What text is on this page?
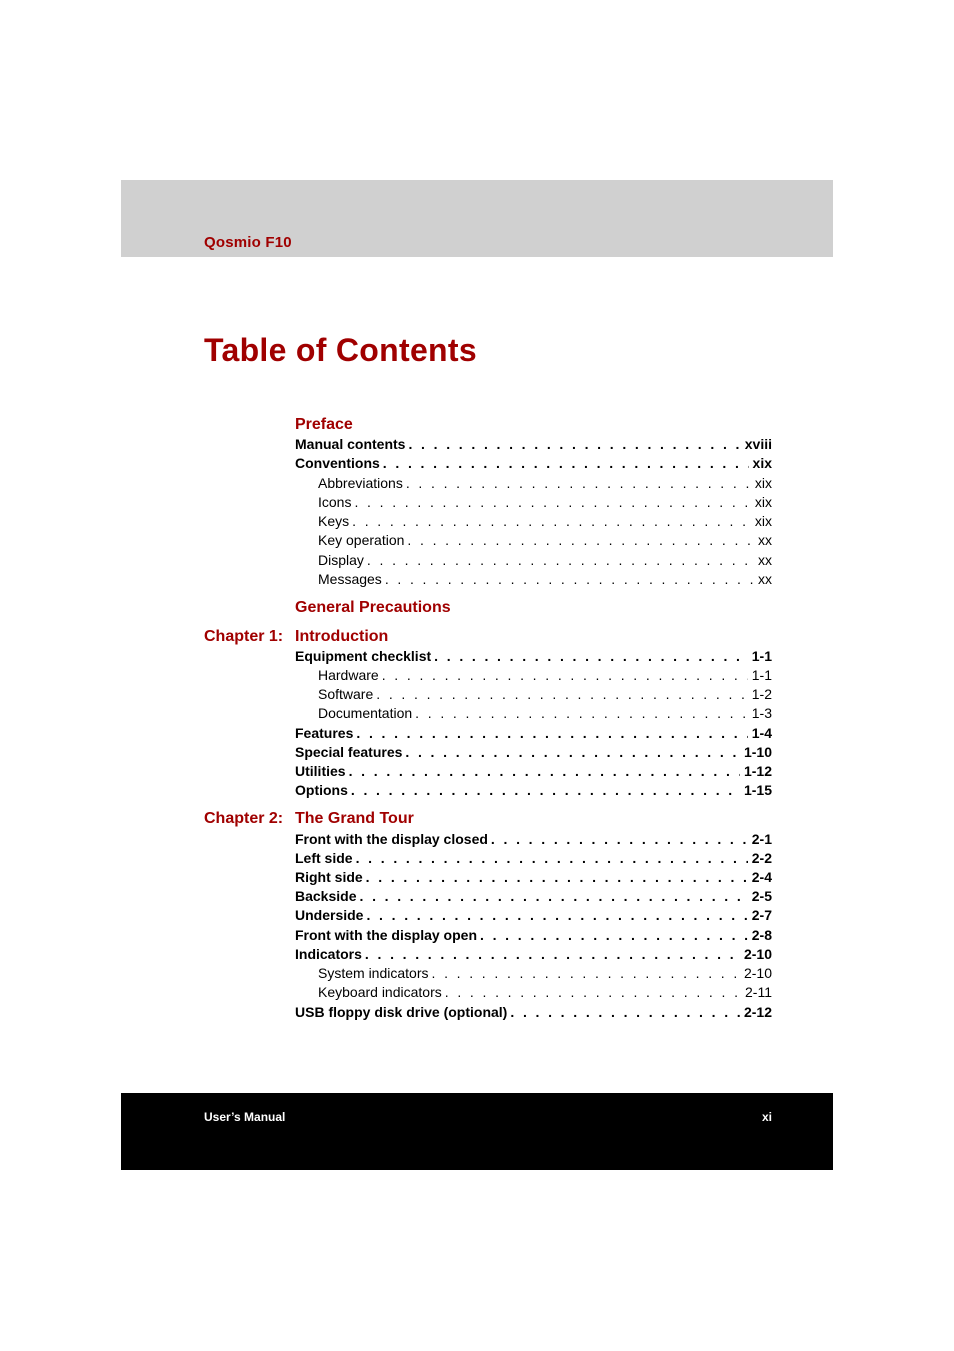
Qosmio F10
Table of Contents
Preface
Manual contents . . .	xviii
Conventions . . .	xix
Abbreviations . . .	xix
Icons . . .	xix
Keys . . .	xix
Key operation . . .	xx
Display . . .	xx
Messages . . .	xx
General Precautions
Chapter 1: Introduction
Equipment checklist . . .	1-1
Hardware . . .	1-1
Software . . .	1-2
Documentation . . .	1-3
Features . . .	1-4
Special features . . .	1-10
Utilities . . .	1-12
Options . . .	1-15
Chapter 2: The Grand Tour
Front with the display closed . . .	2-1
Left side . . .	2-2
Right side . . .	2-4
Backside . . .	2-5
Underside . . .	2-7
Front with the display open . . .	2-8
Indicators . . .	2-10
System indicators . . .	2-10
Keyboard indicators . . .	2-11
USB floppy disk drive (optional) . . .	2-12
User’s Manual	xi
